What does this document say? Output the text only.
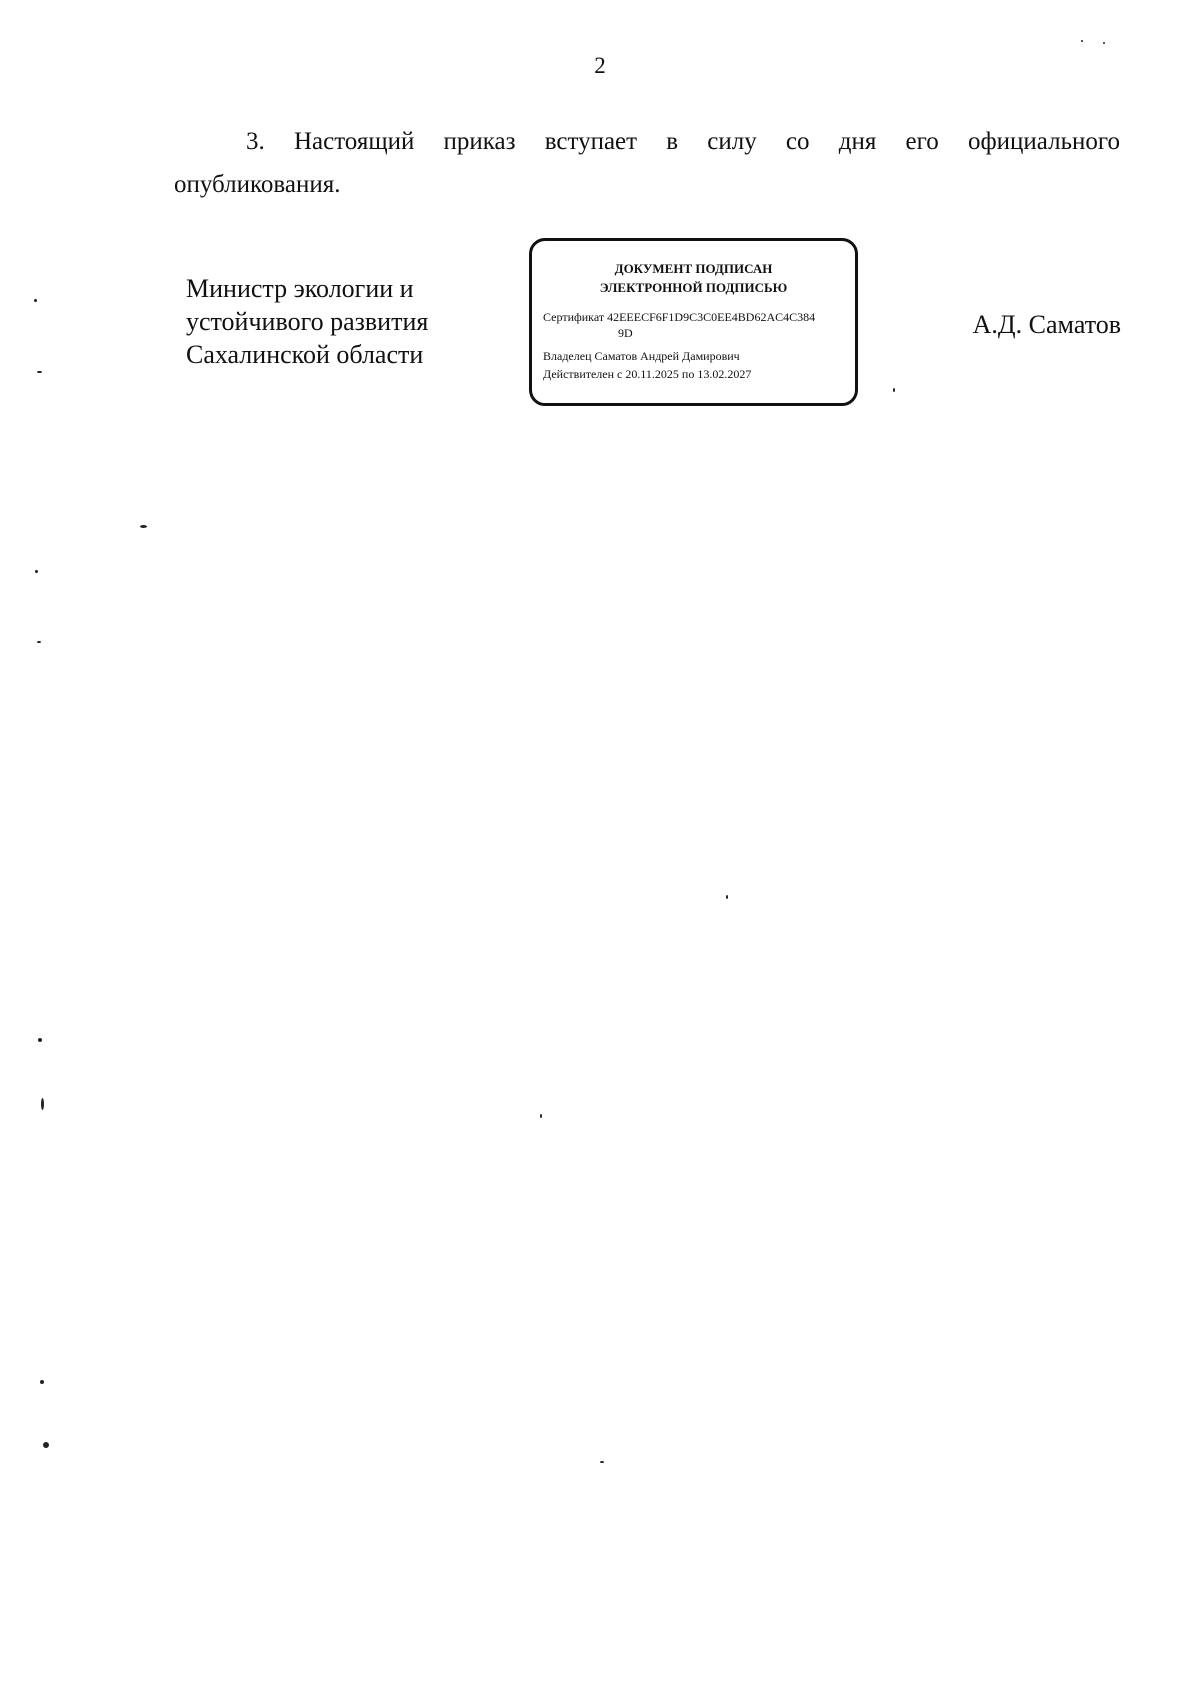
2
3. Настоящий приказ вступает в силу со дня его официального опубликования.
Министр экологии и
устойчивого развития
Сахалинской области
ДОКУМЕНТ ПОДПИСАН
ЭЛЕКТРОННОЙ ПОДПИСЬЮ
Сертификат 42EEECF6F1D9C3C0EE4BD62AC4C384
9D
Владелец Саматов Андрей Дамирович
Действителен с 20.11.2025 по 13.02.2027
А.Д. Саматов
